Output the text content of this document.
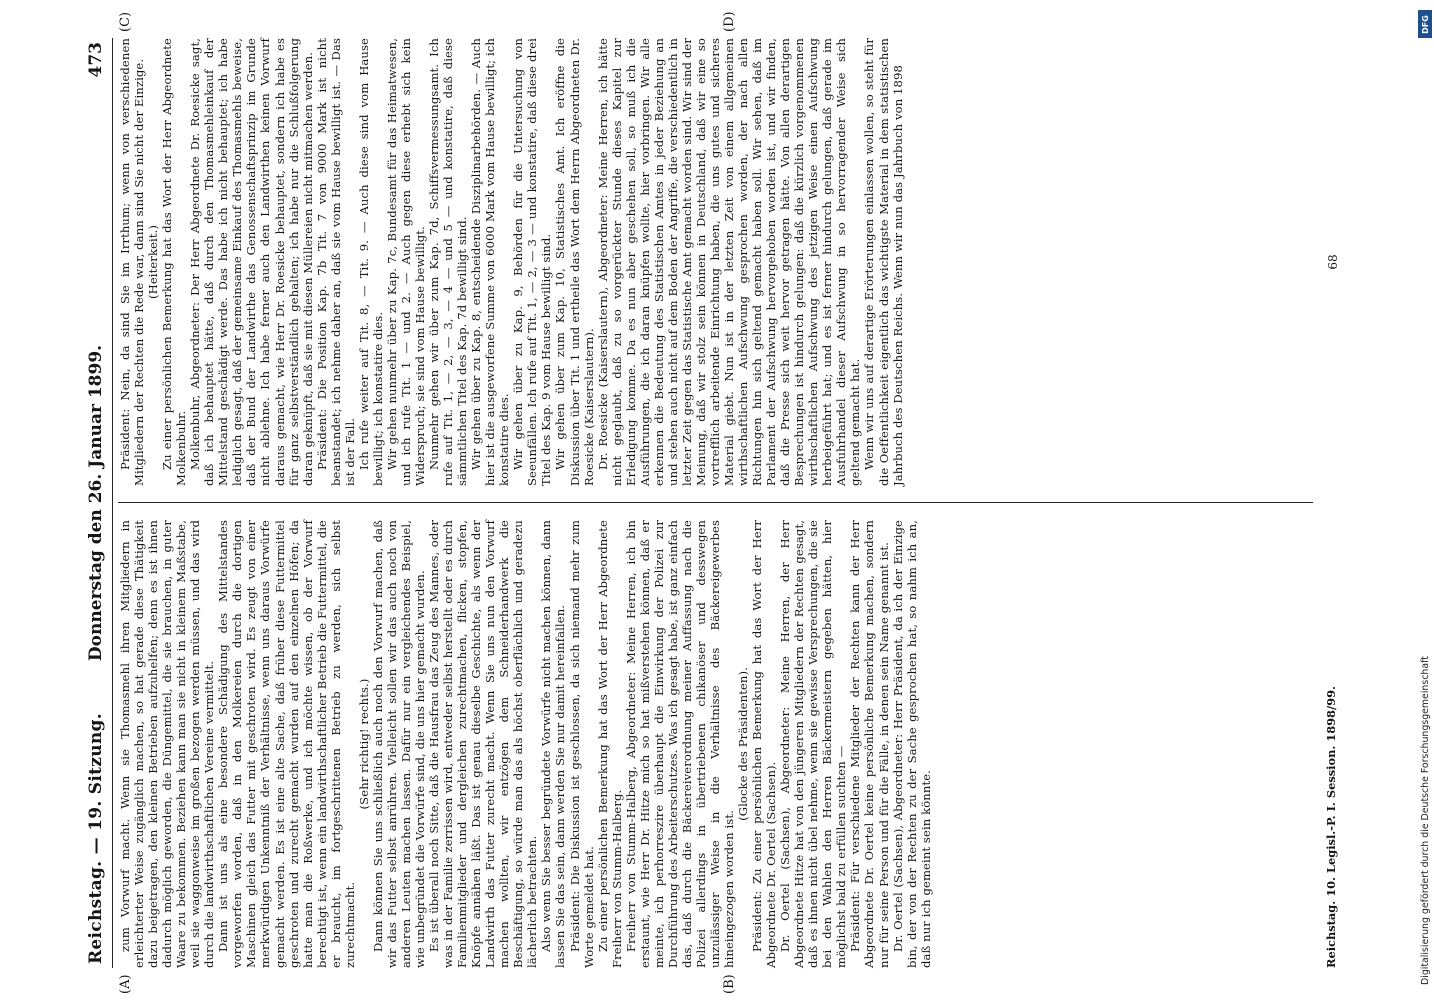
Reichstag. — 19. Sitzung.
Donnerstag den 26. Januar 1899.
473

zum Vorwurf macht. Wenn sie Thomasmehl ihren Mitgliedern in erleichterter Weise zugänglich machen, so hat gerade diese Thätigkeit dazu beigetragen, den kleinen Betrieben aufzuhelfen; denn es ist ihnen dadurch möglich geworden, die Düngemittel, die sie brauchen, in guter Waare zu bekommen. Beziehen kann man sie nicht in kleinem Maßstabe, weil sie waggonweise im großen bezogen werden müssen, und das wird durch die landwirthschaftlichen Vereine vermittelt. Dann ist uns als eine besondere Schädigung des Mittelstandes vorgeworfen worden, daß in den Molkereien durch die dortigen Maschinen gleich das Futter mit geschroten wird. Es zeugt von einer merkwürdigen Unkenntniß der Verhältnisse, wenn uns daraus Vorwürfe gemacht werden. Es ist eine alte Sache, daß früher diese Futtermittel geschroten und zurecht gemacht wurden auf den einzelnen Höfen; da hatte man die Roßwerke, und ich möchte wissen, ob der Vorwurf berechtigt ist, wenn ein landwirthschaftlicher Betrieb die Futtermittel, die er braucht, im fortgeschrittenen Betrieb zu werden, sich selbst zurechtmacht.

(Sehr richtig! rechts.) Dann können Sie uns schließlich auch noch den Vorwurf machen, daß wir das Futter selbst anrühren. Vielleicht sollen wir das auch noch von anderen Leuten machen lassen. Dafür nur ein vergleichendes Beispiel, wie unbegründet die Vorwürfe sind, die uns hier gemacht wurden. Es ist überall noch Sitte, daß die Hausfrau das Zeug des Mannes, oder was in der Familie zerrissen wird, entweder selbst herstellt oder es durch Familienmitglieder und dergleichen zurechtmachen, flicken, stopfen, Knöpfe annähen läßt. Das ist genau dieselbe Geschichte, als wenn der Landwirth das Futter zurecht macht. Wenn Sie uns nun den Vorwurf machen wollten, wir entzögen dem Schneiderhandwerk die Beschäftigung, so würde man das als höchst oberflächlich und geradezu lächerlich betrachten. Also wenn Sie besser begründete Vorwürfe nicht machen können, dann lassen Sie das sein, dann werden Sie nur damit hereinfallen. Präsident: Die Diskussion ist geschlossen, da sich niemand mehr zum Worte gemeldet hat. Zu einer persönlichen Bemerkung hat das Wort der Herr Abgeordnete Freiherr von Stumm-Halberg. Freiherr von Stumm-Halberg, Abgeordneter: Meine Herren, ich bin erstaunt, wie Herr Dr. Hitze mich so hat mißverstehen können, daß er meinte, ich perhorreszire überhaupt die Einwirkung der Polizei zur Durchführung des Arbeiterschutzes. Was ich gesagt habe, ist ganz einfach das, daß durch die Bäckereiverordnung meiner Auffassung nach die Polizei allerdings in übertriebenen chikanöser und desswegen unzulässiger Weise in die Verhältnisse des Bäckereigewerbes hineingezogen worden ist.

(Glocke des Präsidenten). Präsident: Zu einer persönlichen Bemerkung hat das Wort der Herr Abgeordnete Dr. Oertel (Sachsen). Dr. Oertel (Sachsen), Abgeordneter: Meine Herren, der Herr Abgeordnete Hitze hat von den jüngeren Mitgliedern der Rechten gesagt, daß es ihnen nicht übel nehme, wenn sie gewisse Versprechungen, die sie bei den Wahlen den Herren Bäckermeistern gegeben hätten, hier möglichst bald zu erfüllen suchten — Präsident: Für verschiedene Mitglieder der Rechten kann der Herr Abgeordnete Dr. Oertel keine persönliche Bemerkung machen, sondern nur für seine Person und für die Fälle, in denen sein Name genannt ist. Dr. Oertel (Sachsen), Abgeordneter: Herr Präsident, da ich der Einzige bin, der von der Rechten zu der Sache gesprochen hat, so nahm ich an, daß nur ich gemeint sein könnte.

Präsident: Nein, da sind Sie im Irrthum; wenn von verschiedenen Mitgliedern der Rechten die Rede war, dann sind Sie nicht der Einzige. (Heiterkeit.) Zu einer persönlichen Bemerkung hat das Wort der Herr Abgeordnete Molkenbuhr. Molkenbuhr, Abgeordneter: Der Herr Abgeordnete Dr. Roesicke sagt, daß ich behauptet hätte, daß durch den Thomasmehleinkauf der Mittelstand geschädigt werde. Das habe ich nicht behauptet; ich habe lediglich gesagt, daß der gemeinsame Einkauf des Thomasmehls beweise, daß der Bund der Landwirthe das Genossenschaftsprinzip im Grunde nicht ablehne. Ich habe ferner auch den Landwirthen keinen Vorwurf daraus gemacht, wie Herr Dr. Roesicke behauptet, sondern ich habe es für ganz selbstverständlich gehalten; ich habe nur die Schlußfolgerung daran geknüpft, daß sie mit diesen Müllereien nicht mitmachen werden. Präsident: Die Position Kap. 7b Tit. 7 von 9000 Mark ist nicht beanstandet; ich nehme daher an, daß sie vom Hause bewilligt ist. — Das ist der Fall. Ich rufe weiter auf Tit. 8, — Tit. 9. — Auch diese sind vom Hause bewilligt; ich konstatire dies. Wir gehen nunmehr über zu Kap. 7c, Bundesamt für das Heimatwesen, und ich rufe Tit. 1 — und 2. — Auch gegen diese erhebt sich kein Widerspruch; sie sind vom Hause bewilligt. Nunmehr gehen wir über zum Kap. 7d, Schiffsvermessungsamt. Ich rufe auf Tit. 1, — 2, — 3, — 4 — und 5 — und konstatire, daß diese sämmtlichen Titel des Kap. 7d bewilligt sind. Wir gehen über zu Kap. 8, entscheidende Disziplinarbehörden. — Auch hier ist die ausgeworfene Summe von 6000 Mark vom Hause bewilligt; ich konstatire dies. Wir gehen über zu Kap. 9, Behörden für die Untersuchung von Seeunfällen. Ich rufe auf Tit. 1, — 2, — 3 — und konstatire, daß diese drei Titel des Kap. 9 vom Hause bewilligt sind. Wir gehen über zum Kap. 10, Statistisches Amt. Ich eröffne die Diskussion über Tit. 1 und ertheile das Wort dem Herrn Abgeordneten Dr. Roesicke (Kaiserslautern). Dr. Roesicke (Kaiserslautern), Abgeordneter: Meine Herren, ich hätte nicht geglaubt, daß zu so vorgerückter Stunde dieses Kapitel zur Erledigung komme. Da es nun aber geschehen soll, so muß ich die Ausführungen, die ich daran knüpfen wollte, hier vorbringen. Wir alle erkennen die Bedeutung des Statistischen Amtes in jeder Beziehung an und stehen auch nicht auf dem Boden der Angriffe, die verschiedentlich in letzter Zeit gegen das Statistische Amt gemacht worden sind. Wir sind der Meinung, daß wir stolz sein können in Deutschland, daß wir eine so vortrefflich arbeitende Einrichtung haben, die uns gutes und sicheres Material giebt. Nun ist in der letzten Zeit von einem allgemeinen wirthschaftlichen Aufschwung gesprochen worden, der nach allen Richtungen hin sich geltend gemacht haben soll. Wir sehen, daß im Parlament der Aufschwung hervorgehoben worden ist, und wir finden, daß die Presse sich weit hervor getragen hätte. Von allen derartigen Besprechungen ist hindurch gelungen: daß die kürzlich vorgenommenen wirthschaftlichen Aufschwung des jetzigen Weise einen Aufschwung herbeigeführt hat; und es ist ferner hindurch gelungen, daß gerade im Ausfuhrhandel dieser Aufschwung in so hervorragender Weise sich geltend gemacht hat. Wenn wir uns auf derartige Erörterungen einlassen wollen, so steht für die Oeffentlichkeit eigentlich das wichtigste Material in dem statistischen Jahrbuch des Deutschen Reichs. Wenn wir nun das Jahrbuch von 1898

(A)	(B)
(C)	(D)
Reichstag. 10. Legisl.-P. I. Session. 1898/99.
68
Digitalisierung gefördert durch die Deutsche Forschungsgemeinschaft
DFG
